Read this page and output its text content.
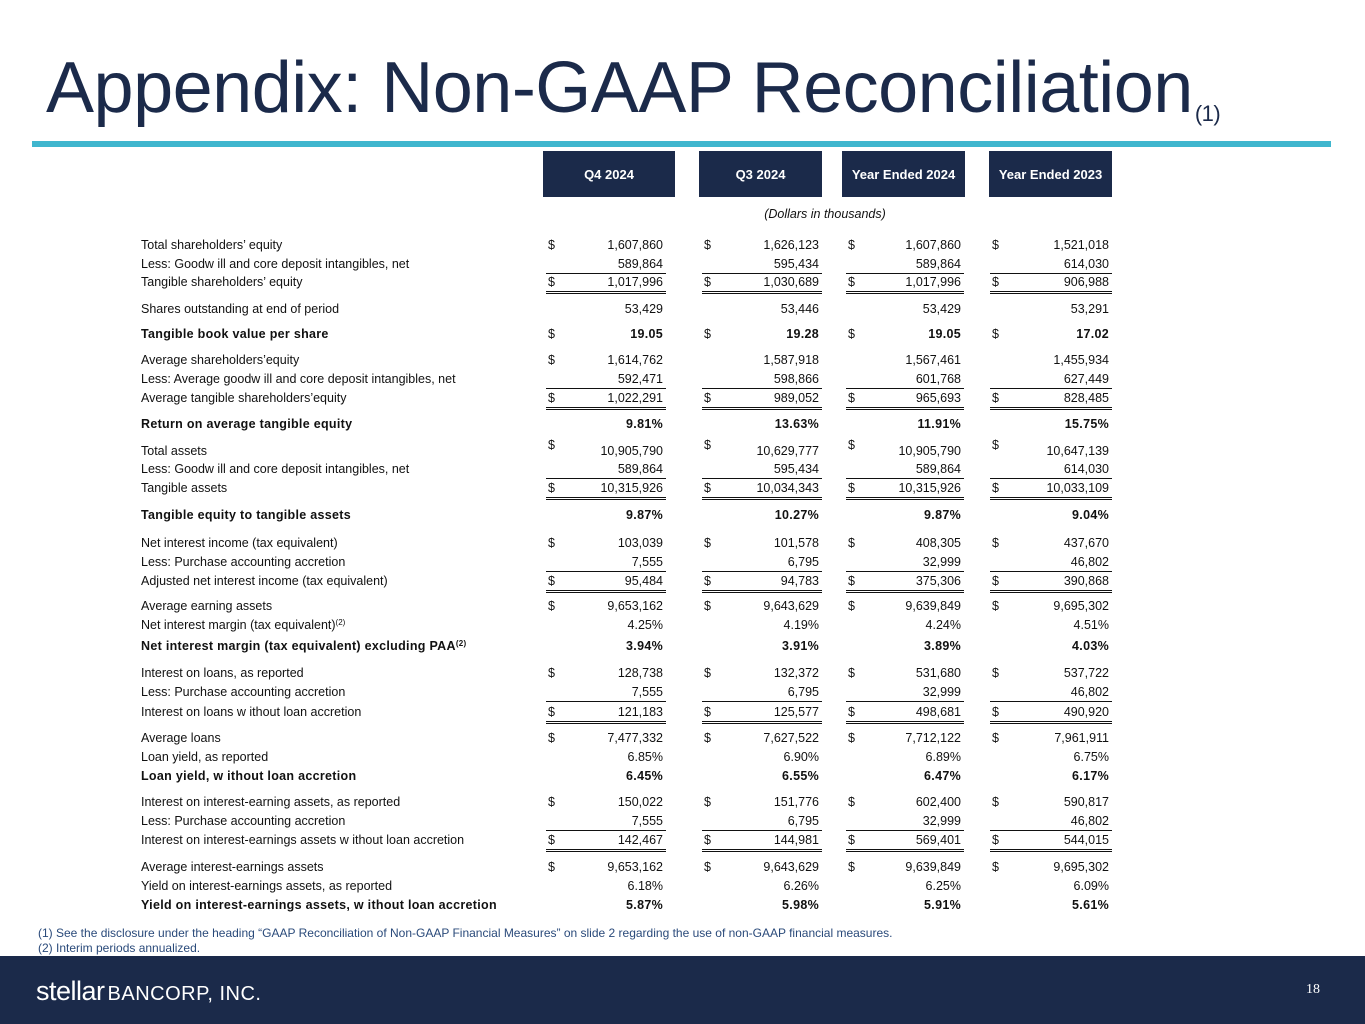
Appendix: Non-GAAP Reconciliation$^{(1)}$
Q4 2024	Q3 2024	Year Ended 2024	Year Ended 2023
(Dollars in thousands)
Total shareholders’ equity	$	1,607,860	$	1,626,123 $	1,607,860 $	1,521,018
Less: Goodw ill and core deposit intangibles, net	589,864	595,434	589,864	614,030
Tangible shareholders’ equity	$	1,017,996	$	1,030,689 $	1,017,996 $	906,988
Shares outstanding at end of period	53,429	53,446	53,429	53,291
Tangible book value per share	$	19.05	$	19.28 $	19.05 $	17.02
Average shareholders’equity	$	1,614,762	1,587,918	1,567,461	1,455,934
Less: Average goodw ill and core deposit intangibles, net	592,471	598,866	601,768	627,449
Average tangible shareholders’equity	$	1,022,291	$	989,052 $	965,693 $	828,485
Return on average tangible equity	9.81%	13.63%	11.91%	15.75%
Total assets	$	10,905,790	$	10,629,777 $	10,905,790 $	10,647,139
Less: Goodw ill and core deposit intangibles, net	589,864	595,434	589,864	614,030
Tangible assets	$	10,315,926	$	10,034,343 $	10,315,926 $	10,033,109
Tangible equity to tangible assets	9.87%	10.27%	9.87%	9.04%
Net interest income (tax equivalent)	$	103,039	$	101,578 $	408,305 $	437,670
Less: Purchase accounting accretion	7,555	6,795	32,999	46,802
Adjusted net interest income (tax equivalent)	$	95,484	$	94,783 $	375,306 $	390,868
Average earning assets	$	9,653,162	$	9,643,629 $	9,639,849 $	9,695,302
Net interest margin (tax equivalent)$^{(2)}$	4.25%	4.19%	4.24%	4.51%
Net interest margin (tax equivalent) excluding PAA$^{(2)}$	3.94%	3.91%	3.89%	4.03%
Interest on loans, as reported	$	128,738	$	132,372 $	531,680 $	537,722
Less: Purchase accounting accretion	7,555	6,795	32,999	46,802
Interest on loans w ithout loan accretion	$	121,183	$	125,577 $	498,681 $	490,920
Average loans	$	7,477,332	$	7,627,522 $	7,712,122 $	7,961,911
Loan yield, as reported	6.85%	6.90%	6.89%	6.75%
Loan yield, w ithout loan accretion	6.45%	6.55%	6.47%	6.17%
Interest on interest-earning assets, as reported	$	150,022	$	151,776 $	602,400 $	590,817
Less: Purchase accounting accretion	7,555	6,795	32,999	46,802
Interest on interest-earnings assets w ithout loan accretion	$	142,467	$	144,981 $	569,401 $	544,015
Average interest-earnings assets	$	9,653,162	$	9,643,629 $	9,639,849 $	9,695,302
Yield on interest-earnings assets, as reported	6.18%	6.26%	6.25%	6.09%
Yield on interest-earnings assets, w ithout loan accretion	5.87%	5.98%	5.91%	5.61%
(1) See the disclosure under the heading “GAAP Reconciliation of Non-GAAP Financial Measures” on slide 2 regarding the use of non-GAAP financial measures.
(2) Interim periods annualized.
stellar BANCORP, INC.	18
